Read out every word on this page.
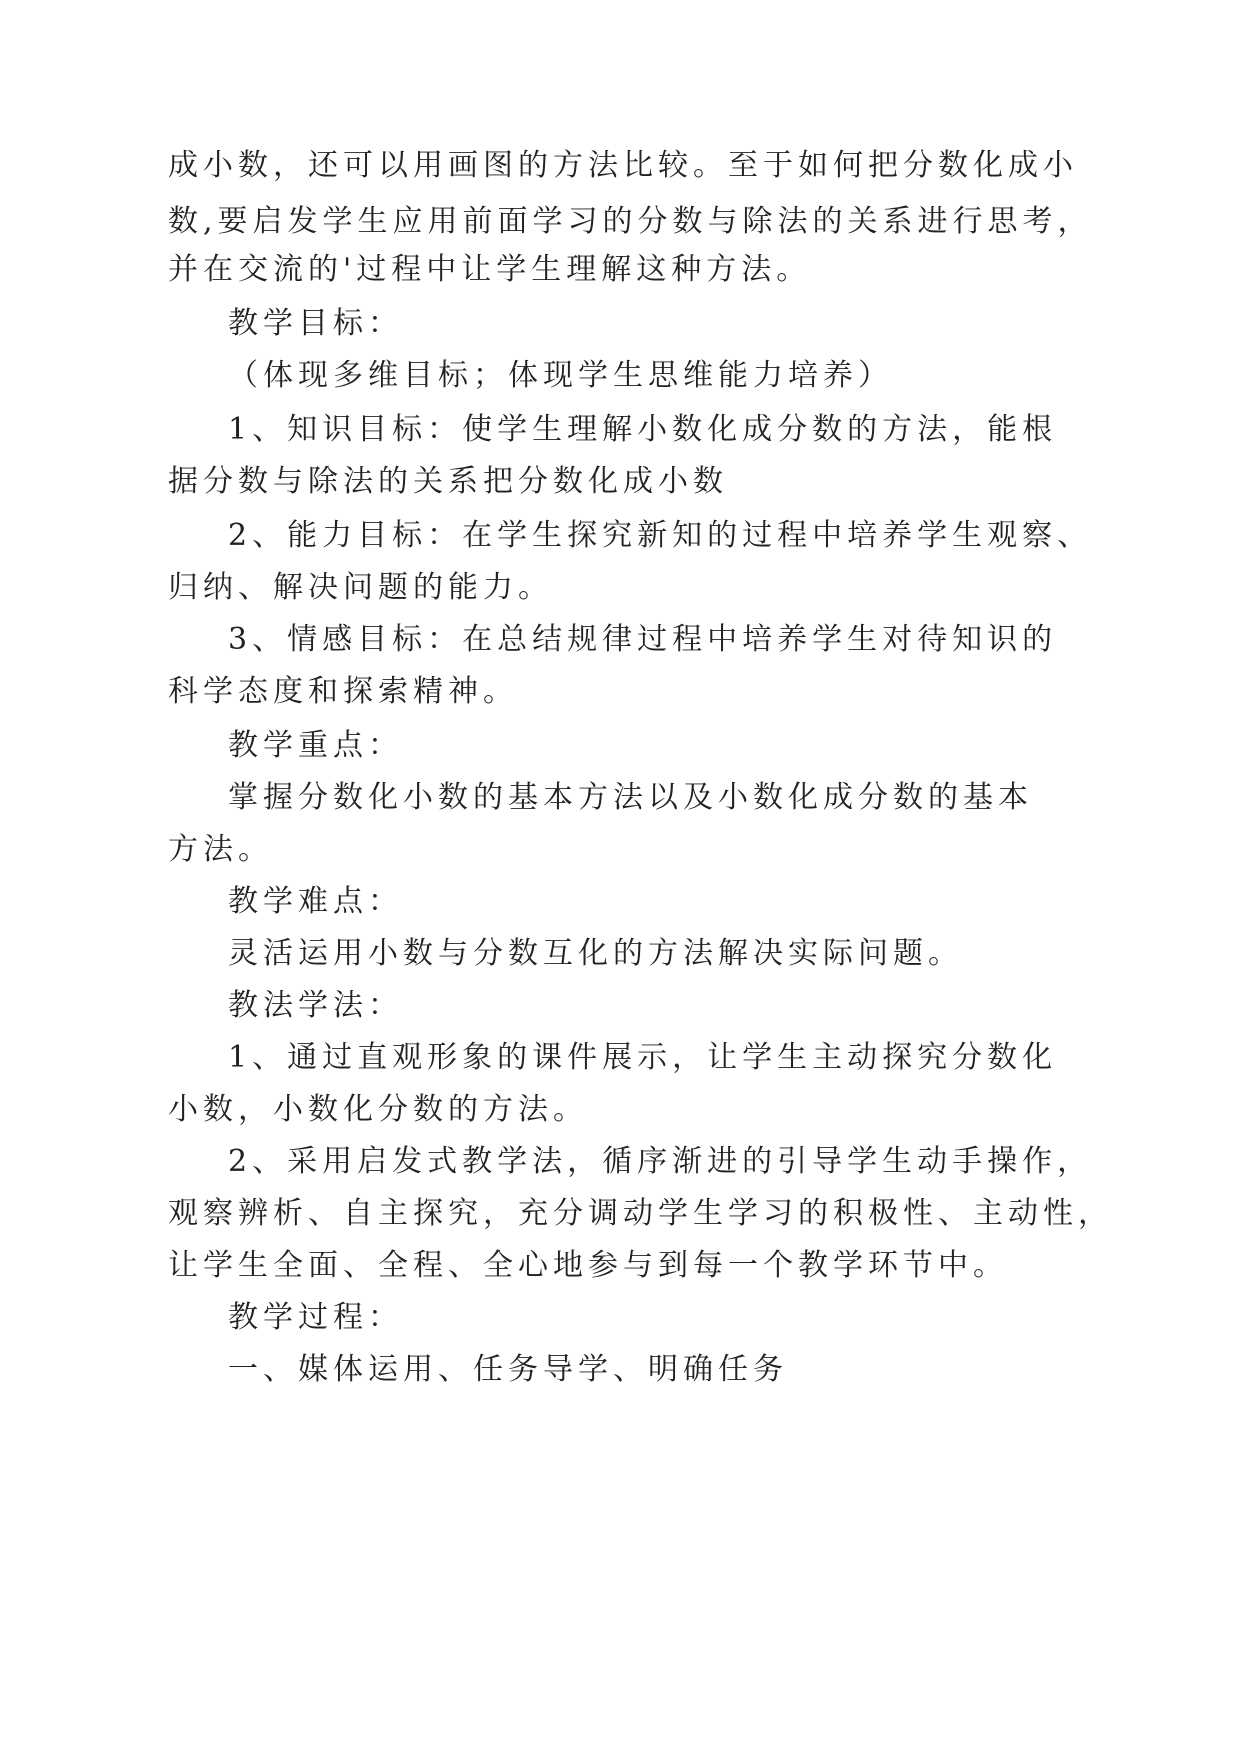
成小数，还可以用画图的方法比较。至于如何把分数化成小
数,要启发学生应用前面学习的分数与除法的关系进行思考，
并在交流的'过程中让学生理解这种方法。
教学目标：
（体现多维目标；体现学生思维能力培养）
1、知识目标：使学生理解小数化成分数的方法，能根
据分数与除法的关系把分数化成小数
2、能力目标：在学生探究新知的过程中培养学生观察、
归纳、解决问题的能力。
3、情感目标：在总结规律过程中培养学生对待知识的
科学态度和探索精神。
教学重点：
掌握分数化小数的基本方法以及小数化成分数的基本
方法。
教学难点：
灵活运用小数与分数互化的方法解决实际问题。
教法学法：
1、通过直观形象的课件展示，让学生主动探究分数化
小数，小数化分数的方法。
2、采用启发式教学法，循序渐进的引导学生动手操作，
观察辨析、自主探究，充分调动学生学习的积极性、主动性，
让学生全面、全程、全心地参与到每一个教学环节中。
教学过程：
一、媒体运用、任务导学、明确任务
